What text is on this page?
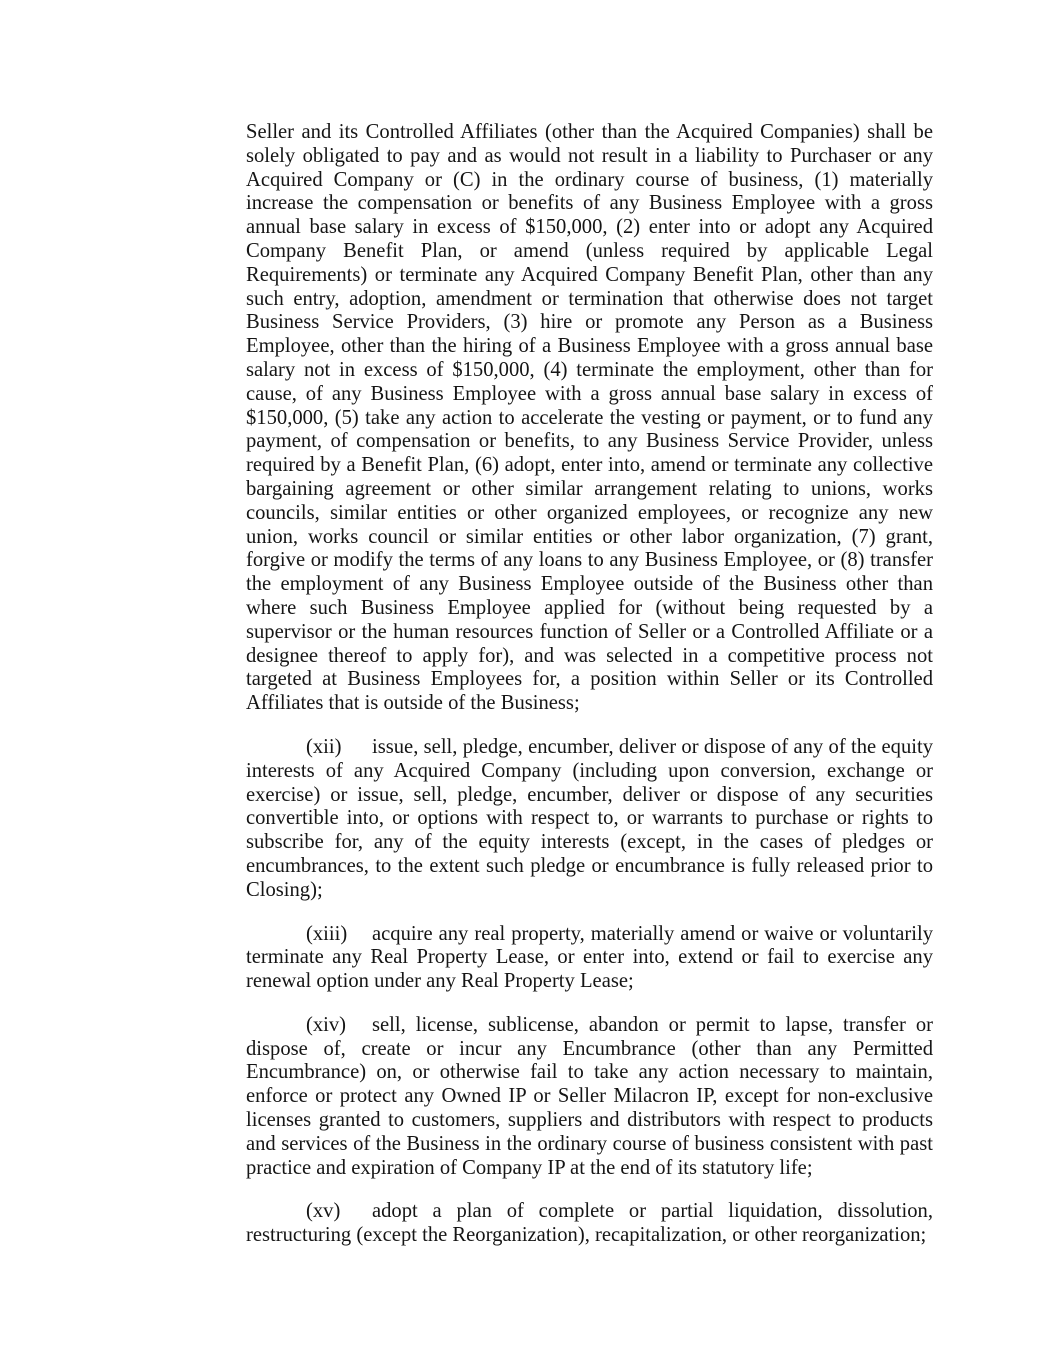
Seller and its Controlled Affiliates (other than the Acquired Companies) shall be solely obligated to pay and as would not result in a liability to Purchaser or any Acquired Company or (C) in the ordinary course of business, (1) materially increase the compensation or benefits of any Business Employee with a gross annual base salary in excess of $150,000, (2) enter into or adopt any Acquired Company Benefit Plan, or amend (unless required by applicable Legal Requirements) or terminate any Acquired Company Benefit Plan, other than any such entry, adoption, amendment or termination that otherwise does not target Business Service Providers, (3) hire or promote any Person as a Business Employee, other than the hiring of a Business Employee with a gross annual base salary not in excess of $150,000, (4) terminate the employment, other than for cause, of any Business Employee with a gross annual base salary in excess of $150,000, (5) take any action to accelerate the vesting or payment, or to fund any payment, of compensation or benefits, to any Business Service Provider, unless required by a Benefit Plan, (6) adopt, enter into, amend or terminate any collective bargaining agreement or other similar arrangement relating to unions, works councils, similar entities or other organized employees, or recognize any new union, works council or similar entities or other labor organization, (7) grant, forgive or modify the terms of any loans to any Business Employee, or (8) transfer the employment of any Business Employee outside of the Business other than where such Business Employee applied for (without being requested by a supervisor or the human resources function of Seller or a Controlled Affiliate or a designee thereof to apply for), and was selected in a competitive process not targeted at Business Employees for, a position within Seller or its Controlled Affiliates that is outside of the Business;

(xii) issue, sell, pledge, encumber, deliver or dispose of any of the equity interests of any Acquired Company (including upon conversion, exchange or exercise) or issue, sell, pledge, encumber, deliver or dispose of any securities convertible into, or options with respect to, or warrants to purchase or rights to subscribe for, any of the equity interests (except, in the cases of pledges or encumbrances, to the extent such pledge or encumbrance is fully released prior to Closing);

(xiii) acquire any real property, materially amend or waive or voluntarily terminate any Real Property Lease, or enter into, extend or fail to exercise any renewal option under any Real Property Lease;

(xiv) sell, license, sublicense, abandon or permit to lapse, transfer or dispose of, create or incur any Encumbrance (other than any Permitted Encumbrance) on, or otherwise fail to take any action necessary to maintain, enforce or protect any Owned IP or Seller Milacron IP, except for non-exclusive licenses granted to customers, suppliers and distributors with respect to products and services of the Business in the ordinary course of business consistent with past practice and expiration of Company IP at the end of its statutory life;

(xv) adopt a plan of complete or partial liquidation, dissolution, restructuring (except the Reorganization), recapitalization, or other reorganization;
